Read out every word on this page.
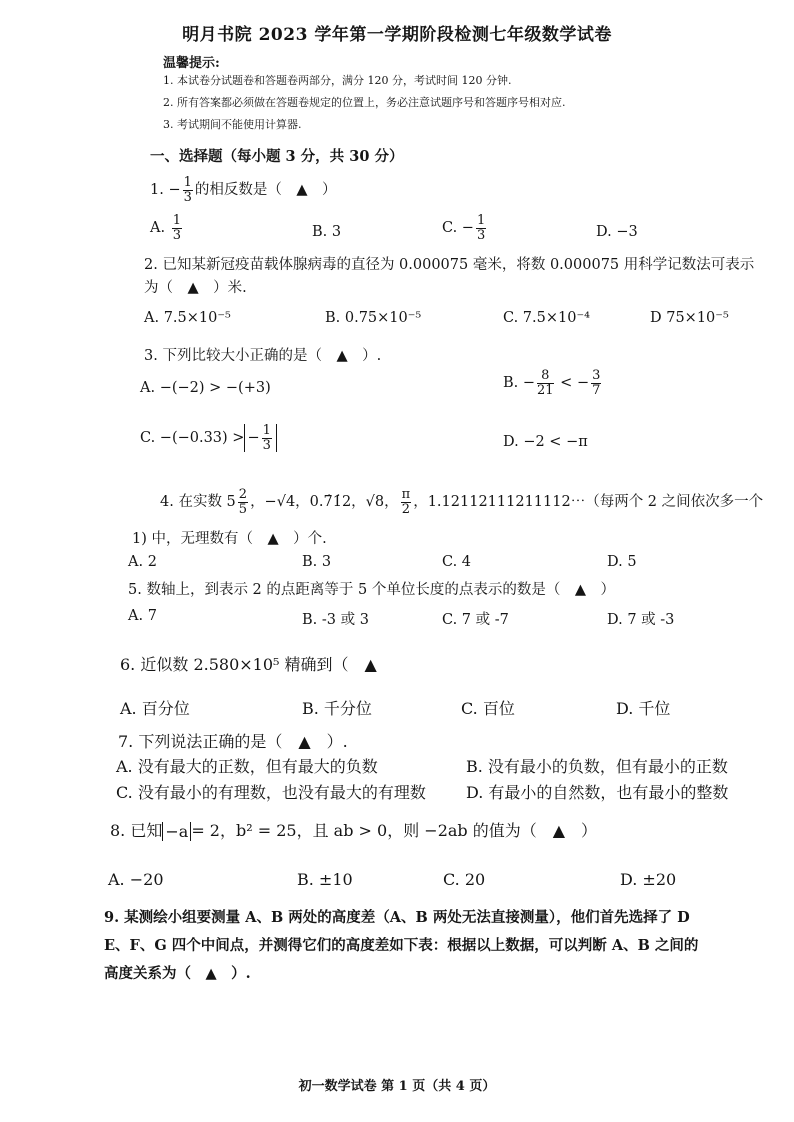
明月书院 2023 学年第一学期阶段检测七年级数学试卷
温馨提示:
1. 本试卷分试题卷和答题卷两部分，满分 120 分，考试时间 120 分钟.
2. 所有答案都必须做在答题卷规定的位置上，务必注意试题序号和答题序号相对应.
3. 考试期间不能使用计算器.
一、选择题（每小题 3 分，共 30 分）
1. − $\frac{1}{3}$ 的相反数是（　▲　）
A. $\frac{1}{3}$	B. 3	C. − $\frac{1}{3}$	D. −3
2. 已知某新冠疫苗载体腺病毒的直径为 0.000075 毫米，将数 0.000075 用科学记数法可表示
为（　▲　）米.
A. 7.5×10⁻⁵	B. 0.75×10⁻⁵	C. 7.5×10⁻⁴	D 75×10⁻⁵
3. 下列比较大小正确的是（　▲　）.
A. −(−2) > −(+3)	B. − $\frac{8}{21}$ < − $\frac{3}{7}$
C. −(−0.33) > − $\frac{1}{3}$	D. −2 < −π
4. 在实数 $5 \frac{2}{5}$ ，−√4，0.7̇1̇2，√8， $\frac{\pi}{2}$ ，1.12112111211112⋯（每两个 2 之间依次多一个
1) 中，无理数有（　▲　）个.
A. 2	B. 3	C. 4	D. 5
5. 数轴上，到表示 2 的点距离等于 5 个单位长度的点表示的数是（　▲　）
A. 7	B. -3 或 3	C. 7 或 -7	D. 7 或 -3
6. 近似数 2.580×10⁵ 精确到（　▲
A. 百分位	B. 千分位	C. 百位	D. 千位
7. 下列说法正确的是（　▲　）.
A. 没有最大的正数，但有最大的负数	B. 没有最小的负数，但有最小的正数
C. 没有最小的有理数，也没有最大的有理数	D. 有最小的自然数，也有最小的整数
8. 已知 −a = 2，b² = 25，且 ab > 0，则 −2ab 的值为（　▲　）
A. −20	B. ±10	C. 20	D. ±20
9. 某测绘小组要测量 A、B 两处的高度差（A、B 两处无法直接测量），他们首先选择了 D
E、F、G 四个中间点，并测得它们的高度差如下表：根据以上数据，可以判断 A、B 之间的
高度关系为（　▲　）.
初一数学试卷 第 1 页（共 4 页）
